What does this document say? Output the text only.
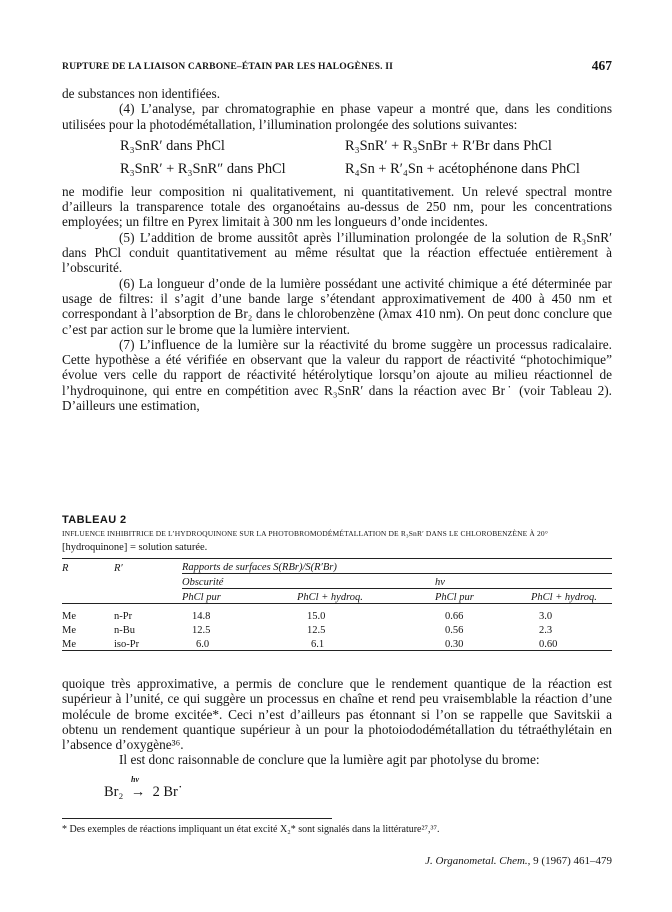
RUPTURE DE LA LIAISON CARBONE–ÉTAIN PAR LES HALOGÈNES. II	467

de substances non identifiées.

(4) L’analyse, par chromatographie en phase vapeur a montré que, dans les conditions utilisées pour la photodémétallation, l’illumination prolongée des solutions suivantes:

R₃SnR′ dans PhCl	R₃SnR′ + R₃SnBr + R′Br dans PhCl
R₃SnR′ + R₃SnR″ dans PhCl	R₄Sn + R′₄Sn + acétophénone dans PhCl

ne modifie leur composition ni qualitativement, ni quantitativement. Un relevé spectral montre d’ailleurs la transparence totale des organoétains au-dessus de 250 nm, pour les concentrations employées; un filtre en Pyrex limitait à 300 nm les longueurs d’onde incidentes.

(5) L’addition de brome aussitôt après l’illumination prolongée de la solution de R₃SnR′ dans PhCl conduit quantitativement au même résultat que la réaction effectuée entièrement à l’obscurité.

(6) La longueur d’onde de la lumière possédant une activité chimique a été déterminée par usage de filtres: il s’agit d’une bande large s’étendant approximativement de 400 à 450 nm et correspondant à l’absorption de Br₂ dans le chlorobenzène (λmax 410 nm). On peut donc conclure que c’est par action sur le brome que la lumière intervient.

(7) L’influence de la lumière sur la réactivité du brome suggère un processus radicalaire. Cette hypothèse a été vérifiée en observant que la valeur du rapport de réactivité “photochimique” évolue vers celle du rapport de réactivité hétérolytique lorsqu’on ajoute au milieu réactionnel de l’hydroquinone, qui entre en compétition avec R₃SnR′ dans la réaction avec Br˙ (voir Tableau 2). D’ailleurs une estimation,

TABLEAU 2
INFLUENCE INHIBITRICE DE L’HYDROQUINONE SUR LA PHOTOBROMODÉMÉTALLATION DE R₃SnR′ DANS LE CHLOROBENZÈNE À 20°
[hydroquinone] = solution saturée.
R	R′	Rapports de surfaces S(RBr)/S(R′Br)			
		Obscurité		hν	
		PhCl pur	PhCl + hydroq.	PhCl pur	PhCl + hydroq.
Me	n-Pr	14.8	15.0	0.66	3.0
Me	n-Bu	12.5	12.5	0.56	2.3
Me	iso-Pr	6.0	6.1	0.30	0.60

quoique très approximative, a permis de conclure que le rendement quantique de la réaction est supérieur à l’unité, ce qui suggère un processus en chaîne et rend peu vraisemblable la réaction d’une molécule de brome excitée*. Ceci n’est d’ailleurs pas étonnant si l’on se rappelle que Savitskii a obtenu un rendement quantique supérieur à un pour la photoiododémétallation du tétraéthylétain en l’absence d’oxygène³⁶.

Il est donc raisonnable de conclure que la lumière agit par photolyse du brome:

Br₂
hν
→ 2 Br˙
* Des exemples de réactions impliquant un état excité X₂* sont signalés dans la littérature²⁷,³⁷.
J. Organometal. Chem., 9 (1967) 461–479
